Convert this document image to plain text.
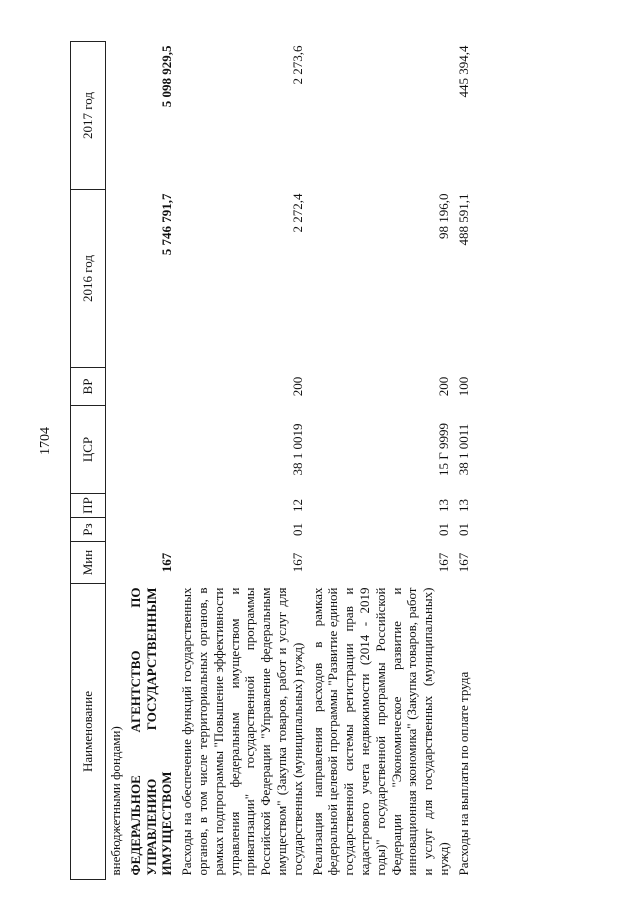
1704
Наименование	Мин	Рз	ПР	ЦСР	ВР	2016 год	2017 год
внебюджетными фондами)							
ФЕДЕРАЛЬНОЕ АГЕНТСТВО ПО УПРАВЛЕНИЮ ГОСУДАРСТВЕННЫМ ИМУЩЕСТВОМ	167					5 746 791,7	5 098 929,5
Расходы на обеспечение функций государственных органов, в том числе территориальных органов, в рамках подпрограммы "Повышение эффективности управления федеральным имуществом и приватизации" государственной программы Российской Федерации "Управление федеральным имуществом" (Закупка товаров, работ и услуг для государственных (муниципальных) нужд)	167	01	12	38 1 0019	200	2 272,4	2 273,6
Реализация направления расходов в рамках федеральной целевой программы "Развитие единой государственной системы регистрации прав и кадастрового учета недвижимости (2014 - 2019 годы)" государственной программы Российской Федерации "Экономическое развитие и инновационная экономика" (Закупка товаров, работ и услуг для государственных (муниципальных) нужд)	167	01	13	15 Г 9999	200	98 196,0	
Расходы на выплаты по оплате труда	167	01	13	38 1 0011	100	488 591,1	445 394,4
